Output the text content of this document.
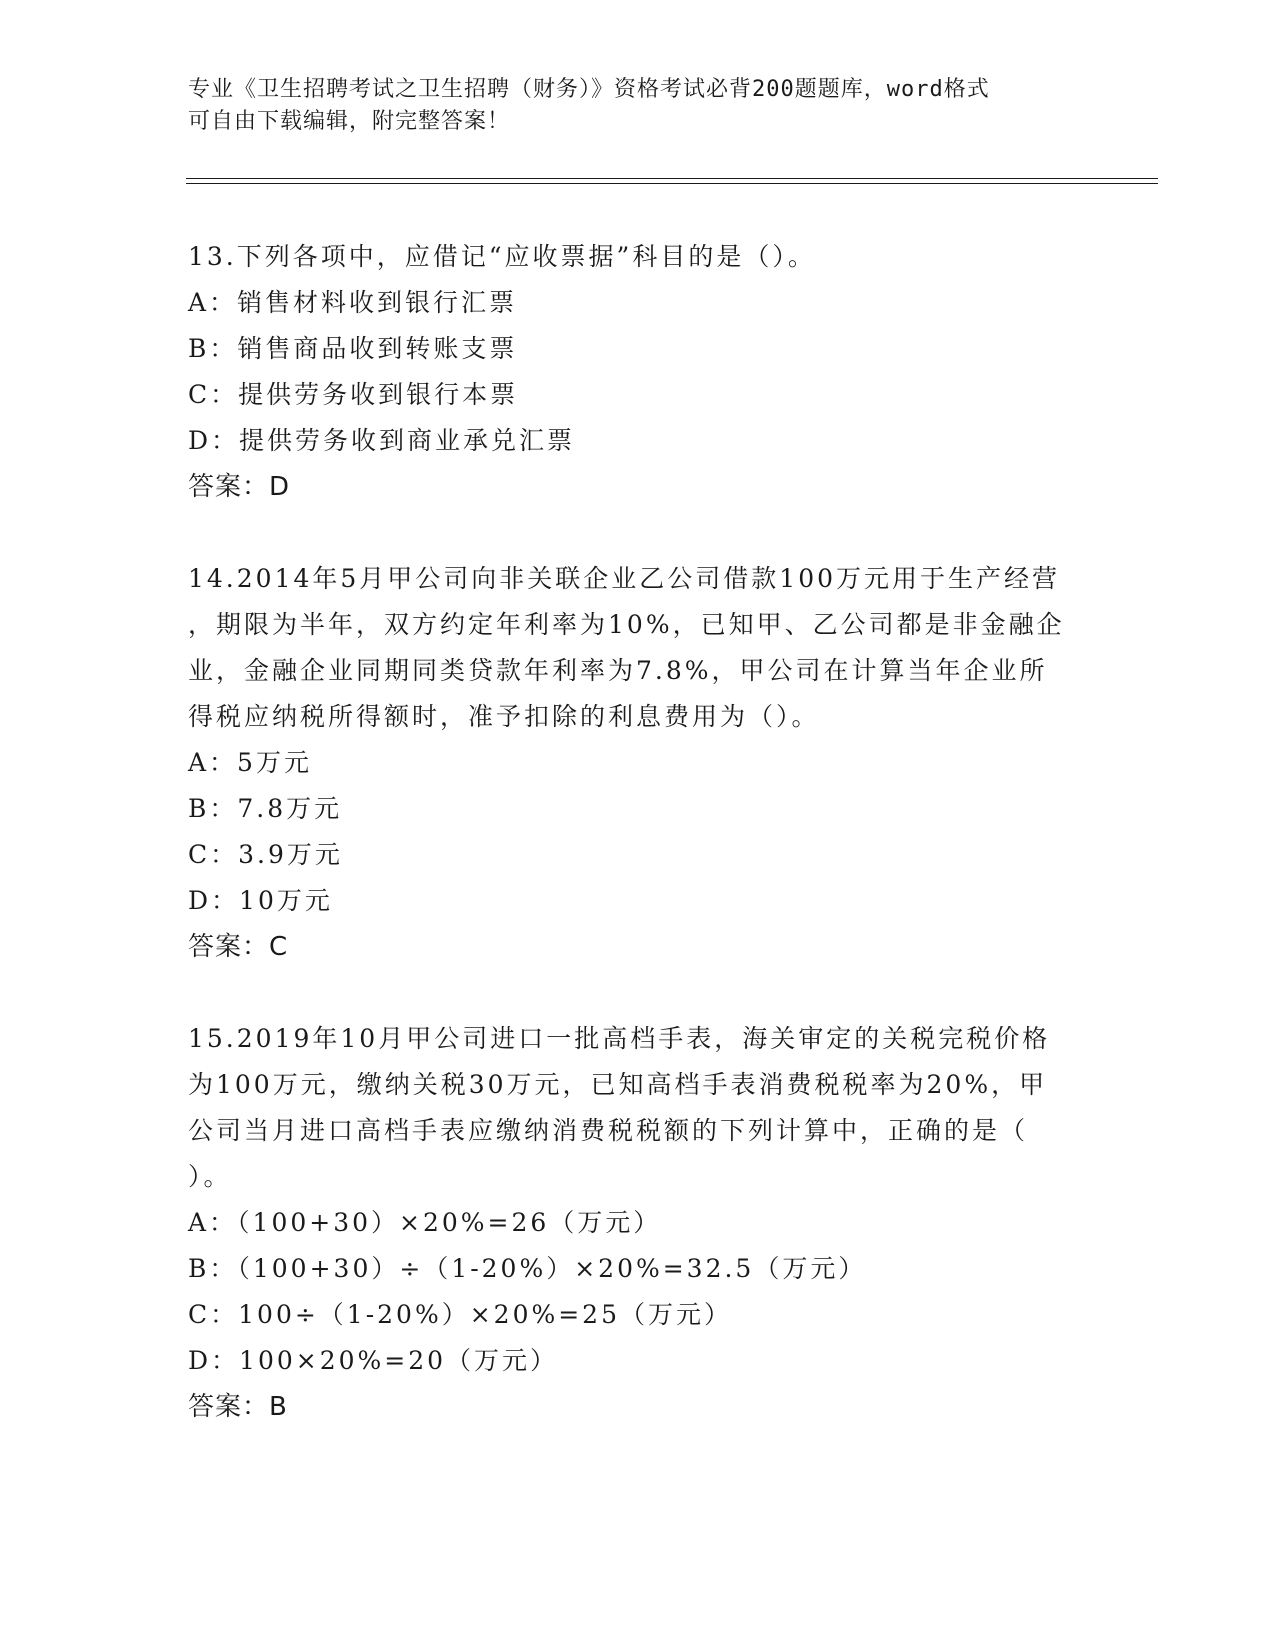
专业《卫生招聘考试之卫生招聘（财务）》资格考试必背200题题库，word格式
可自由下载编辑，附完整答案！
13.下列各项中，应借记“应收票据”科目的是（）。
A：销售材料收到银行汇票
B：销售商品收到转账支票
C：提供劳务收到银行本票
D：提供劳务收到商业承兑汇票
答案：D
14.2014年5月甲公司向非关联企业乙公司借款100万元用于生产经营
，期限为半年，双方约定年利率为10%，已知甲、乙公司都是非金融企
业，金融企业同期同类贷款年利率为7.8%，甲公司在计算当年企业所
得税应纳税所得额时，准予扣除的利息费用为（）。
A：5万元
B：7.8万元
C：3.9万元
D：10万元
答案：C
15.2019年10月甲公司进口一批高档手表，海关审定的关税完税价格
为100万元，缴纳关税30万元，已知高档手表消费税税率为20%，甲
公司当月进口高档手表应缴纳消费税税额的下列计算中，正确的是（
）。
A：（100+30）×20%=26（万元）
B：（100+30）÷（1-20%）×20%=32.5（万元）
C：100÷（1-20%）×20%=25（万元）
D：100×20%=20（万元）
答案：B
